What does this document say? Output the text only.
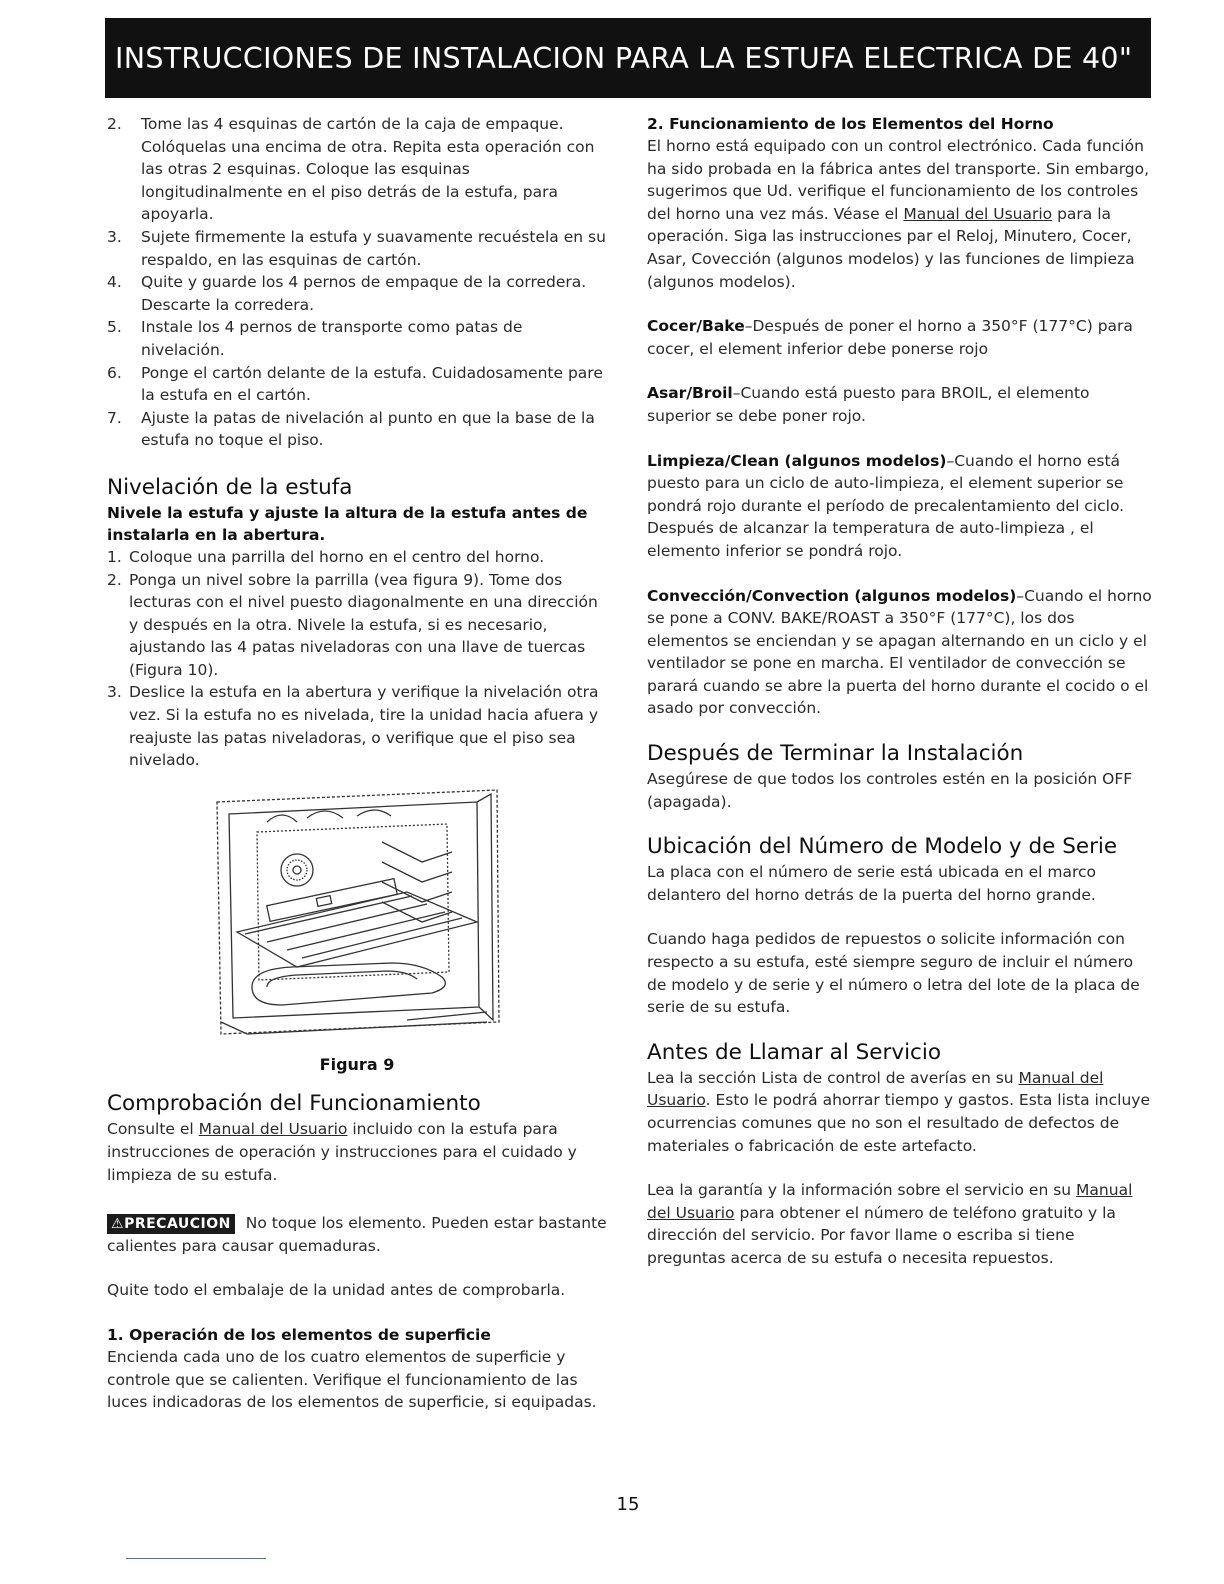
INSTRUCCIONES DE INSTALACION PARA LA ESTUFA ELECTRICA DE 40"
2. Tome las 4 esquinas de cartón de la caja de empaque. Colóquelas una encima de otra. Repita esta operación con las otras 2 esquinas. Coloque las esquinas longitudinalmente en el piso detrás de la estufa, para apoyarla.
3. Sujete firmemente la estufa y suavamente recuéstela en su respaldo, en las esquinas de cartón.
4. Quite y guarde los 4 pernos de empaque de la corredera. Descarte la corredera.
5. Instale los 4 pernos de transporte como patas de nivelación.
6. Ponge el cartón delante de la estufa. Cuidadosamente pare la estufa en el cartón.
7. Ajuste la patas de nivelación al punto en que la base de la estufa no toque el piso.
Nivelación de la estufa
Nivele la estufa y ajuste la altura de la estufa antes de instalarla en la abertura.
1. Coloque una parrilla del horno en el centro del horno.
2. Ponga un nivel sobre la parrilla (vea figura 9). Tome dos lecturas con el nivel puesto diagonalmente en una dirección y después en la otra. Nivele la estufa, si es necesario, ajustando las 4 patas niveladoras con una llave de tuercas (Figura 10).
3. Deslice la estufa en la abertura y verifique la nivelación otra vez. Si la estufa no es nivelada, tire la unidad hacia afuera y reajuste las patas niveladoras, o verifique que el piso sea nivelado.
Figura 9
Comprobación del Funcionamiento

Consulte el Manual del Usuario incluido con la estufa para instrucciones de operación y instrucciones para el cuidado y limpieza de su estufa.

⚠PRECAUCION No toque los elemento. Pueden estar bastante calientes para causar quemaduras.

Quite todo el embalaje de la unidad antes de comprobarla.

1. Operación de los elementos de superficie

Encienda cada uno de los cuatro elementos de superficie y controle que se calienten. Verifique el funcionamiento de las luces indicadoras de los elementos de superficie, si equipadas.

2. Funcionamiento de los Elementos del Horno

El horno está equipado con un control electrónico. Cada función ha sido probada en la fábrica antes del transporte. Sin embargo, sugerimos que Ud. verifique el funcionamiento de los controles del horno una vez más. Véase el Manual del Usuario para la operación. Siga las instrucciones par el Reloj, Minutero, Cocer, Asar, Covección (algunos modelos) y las funciones de limpieza (algunos modelos).

Cocer/Bake–Después de poner el horno a 350°F (177°C) para cocer, el element inferior debe ponerse rojo

Asar/Broil–Cuando está puesto para BROIL, el elemento superior se debe poner rojo.

Limpieza/Clean (algunos modelos)–Cuando el horno está puesto para un ciclo de auto-limpieza, el element superior se pondrá rojo durante el período de precalentamiento del ciclo. Después de alcanzar la temperatura de auto-limpieza , el elemento inferior se pondrá rojo.

Convección/Convection (algunos modelos)–Cuando el horno se pone a CONV. BAKE/ROAST a 350°F (177°C), los dos elementos se enciendan y se apagan alternando en un ciclo y el ventilador se pone en marcha. El ventilador de convección se parará cuando se abre la puerta del horno durante el cocido o el asado por convección.

Después de Terminar la Instalación

Asegúrese de que todos los controles estén en la posición OFF (apagada).

Ubicación del Número de Modelo y de Serie

La placa con el número de serie está ubicada en el marco delantero del horno detrás de la puerta del horno grande.

Cuando haga pedidos de repuestos o solicite información con respecto a su estufa, esté siempre seguro de incluir el número de modelo y de serie y el número o letra del lote de la placa de serie de su estufa.

Antes de Llamar al Servicio

Lea la sección Lista de control de averías en su Manual del Usuario. Esto le podrá ahorrar tiempo y gastos. Esta lista incluye ocurrencias comunes que no son el resultado de defectos de materiales o fabricación de este artefacto.

Lea la garantía y la información sobre el servicio en su Manual del Usuario para obtener el número de teléfono gratuito y la dirección del servicio. Por favor llame o escriba si tiene preguntas acerca de su estufa o necesita repuestos.

15
